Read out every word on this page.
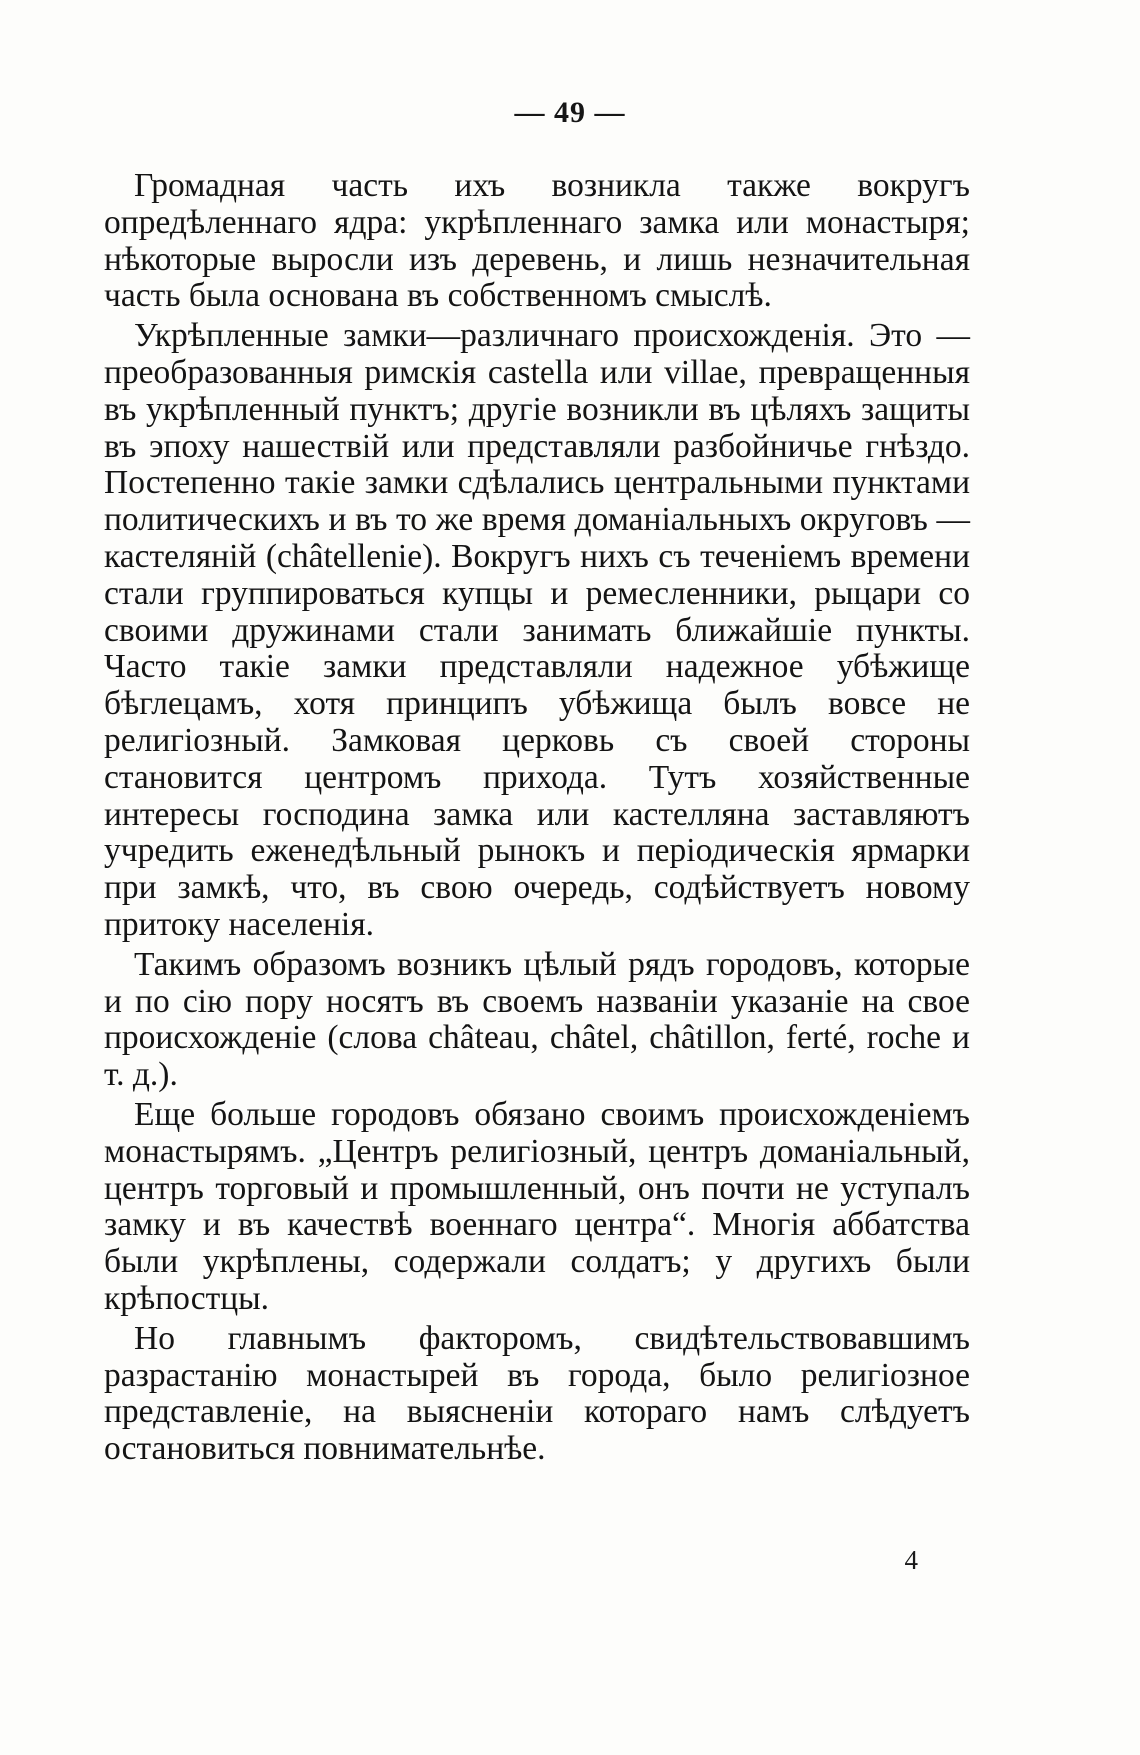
— 49 —

Громадная часть ихъ возникла также вокругъ опредѣленнаго ядра: укрѣпленнаго замка или монастыря; нѣкоторые выросли изъ деревень, и лишь незначительная часть была основана въ собственномъ смыслѣ.

Укрѣпленные замки—различнаго происхожденія. Это — преобразованныя римскія castella или villae, превращенныя въ укрѣпленный пунктъ; другіе возникли въ цѣляхъ защиты въ эпоху нашествій или представляли разбойничье гнѣздо. Постепенно такіе замки сдѣлались центральными пунктами политическихъ и въ то же время доманіальныхъ округовъ — кастеляній (châtellenie). Вокругъ нихъ съ теченіемъ времени стали группироваться купцы и ремесленники, рыцари со своими дружинами стали занимать ближайшіе пункты. Часто такіе замки представляли надежное убѣжище бѣглецамъ, хотя принципъ убѣжища былъ вовсе не религіозный. Замковая церковь съ своей стороны становится центромъ прихода. Тутъ хозяйственные интересы господина замка или кастелляна заставляютъ учредить еженедѣльный рынокъ и періодическія ярмарки при замкѣ, что, въ свою очередь, содѣйствуетъ новому притоку населенія.

Такимъ образомъ возникъ цѣлый рядъ городовъ, которые и по сію пору носятъ въ своемъ названіи указаніе на свое происхожденіе (слова château, châtel, châtillon, ferté, roche и т. д.).

Еще больше городовъ обязано своимъ происхожденіемъ монастырямъ. „Центръ религіозный, центръ доманіальный, центръ торговый и промышленный, онъ почти не уступалъ замку и въ качествѣ военнаго центра“. Многія аббатства были укрѣплены, содержали солдатъ; у другихъ были крѣпостцы.

Но главнымъ факторомъ, свидѣтельствовавшимъ разрастанію монастырей въ города, было религіозное представленіе, на выясненіи котораго намъ слѣдуетъ остановиться повнимательнѣе.

4
